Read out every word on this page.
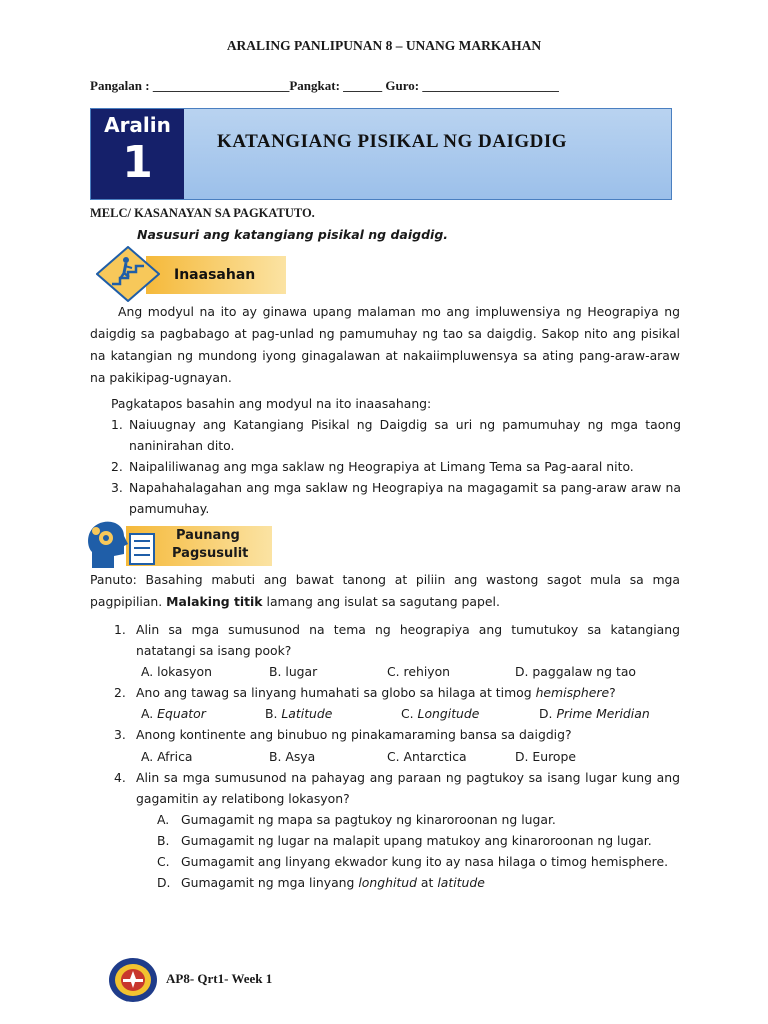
ARALING PANLIPUNAN 8 – UNANG MARKAHAN
Pangalan : _____________________Pangkat: ______ Guro: _____________________
Aralin
1	KATANGIANG PISIKAL NG DAIGDIG
MELC/ KASANAYAN SA PAGKATUTO.
Nasusuri ang katangiang pisikal ng daigdig.
Inaasahan
Ang modyul na ito ay ginawa upang malaman mo ang impluwensiya ng Heograpiya ng daigdig sa pagbabago at pag-unlad ng pamumuhay ng tao sa daigdig. Sakop nito ang pisikal na katangian ng mundong iyong ginagalawan at nakaiimpluwensya sa ating pang-araw-araw na pakikipag-ugnayan.
Pagkatapos basahin ang modyul na ito inaasahang:
1. Naiuugnay ang Katangiang Pisikal ng Daigdig sa uri ng pamumuhay ng mga taong naninirahan dito.
2. Naipaliliwanag ang mga saklaw ng Heograpiya at Limang Tema sa Pag-aaral nito.
3. Napahahalagahan ang mga saklaw ng Heograpiya na magagamit sa pang-araw araw na pamumuhay.
Paunang
Pagsusulit
Panuto: Basahing mabuti ang bawat tanong at piliin ang wastong sagot mula sa mga pagpipilian. Malaking titik lamang ang isulat sa sagutang papel.
1. Alin sa mga sumusunod na tema ng heograpiya ang tumutukoy sa katangiang natatangi sa isang pook?
A. lokasyon	B. lugar	C. rehiyon	D. paggalaw ng tao
2. Ano ang tawag sa linyang humahati sa globo sa hilaga at timog hemisphere?
A. Equator	B. Latitude	C. Longitude	D. Prime Meridian
3. Anong kontinente ang binubuo ng pinakamaraming bansa sa daigdig?
A. Africa	B. Asya	C. Antarctica	D. Europe
4. Alin sa mga sumusunod na pahayag ang paraan ng pagtukoy sa isang lugar kung ang gagamitin ay relatibong lokasyon?
A. Gumagamit ng mapa sa pagtukoy ng kinaroroonan ng lugar.
B. Gumagamit ng lugar na malapit upang matukoy ang kinaroroonan ng lugar.
C. Gumagamit ang linyang ekwador kung ito ay nasa hilaga o timog hemisphere.
D. Gumagamit ng mga linyang longhitud at latitude
AP8- Qrt1- Week 1
